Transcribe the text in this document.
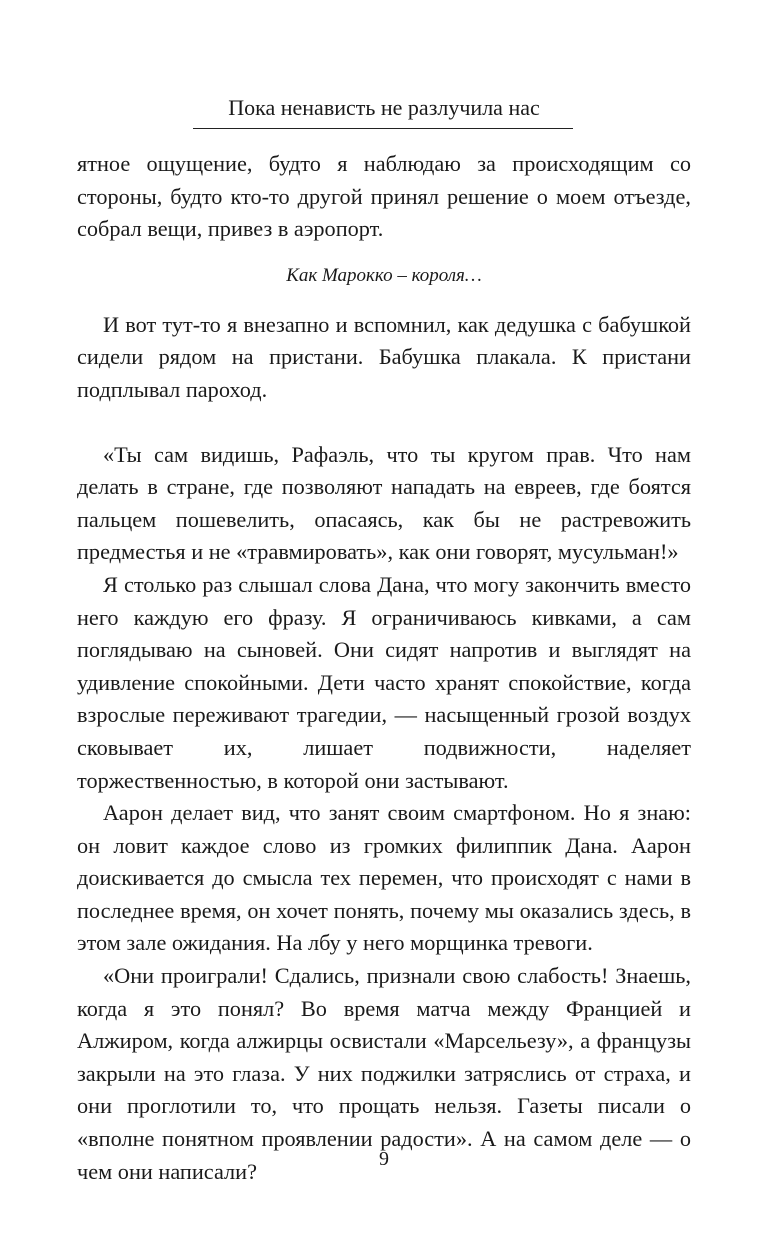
Пока ненависть не разлучила нас

ятное ощущение, будто я наблюдаю за происходящим со стороны, будто кто-то другой принял решение о моем отъезде, собрал вещи, привез в аэропорт.

Как Марокко – короля…

И вот тут-то я внезапно и вспомнил, как дедушка с бабушкой сидели рядом на пристани. Бабушка плакала. К пристани подплывал пароход.

«Ты сам видишь, Рафаэль, что ты кругом прав. Что нам делать в стране, где позволяют нападать на евреев, где боятся пальцем пошевелить, опасаясь, как бы не растревожить предместья и не «травмировать», как они говорят, мусульман!»

Я столько раз слышал слова Дана, что могу закончить вместо него каждую его фразу. Я ограничиваюсь кивками, а сам поглядываю на сыновей. Они сидят напротив и выглядят на удивление спокойными. Дети часто хранят спокойствие, когда взрослые переживают трагедии, — насыщенный грозой воздух сковывает их, лишает подвижности, наделяет торжественностью, в которой они застывают.

Аарон делает вид, что занят своим смартфоном. Но я знаю: он ловит каждое слово из громких филиппик Дана. Аарон доискивается до смысла тех перемен, что происходят с нами в последнее время, он хочет понять, почему мы оказались здесь, в этом зале ожидания. На лбу у него морщинка тревоги.

«Они проиграли! Сдались, признали свою слабость! Знаешь, когда я это понял? Во время матча между Францией и Алжиром, когда алжирцы освистали «Марсельезу», а французы закрыли на это глаза. У них поджилки затряслись от страха, и они проглотили то, что прощать нельзя. Газеты писали о «вполне понятном проявлении радости». А на самом деле — о чем они написали?	9
